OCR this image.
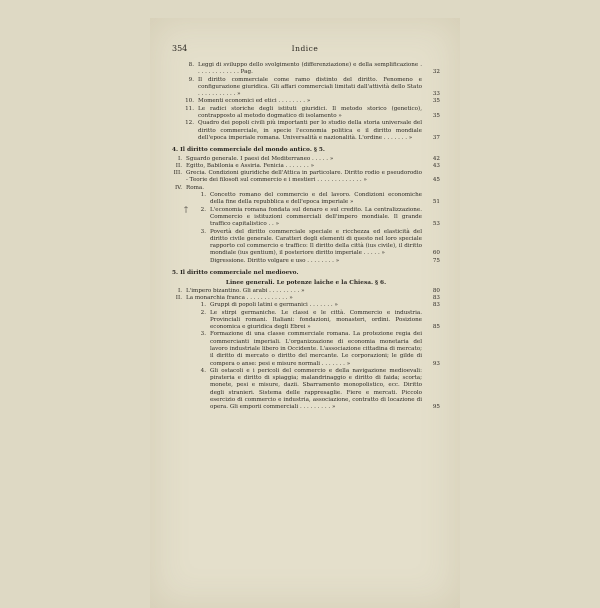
354	Indice
8. Leggi di sviluppo dello svolgimento (differenziazione) e della semplificazione . . . . . . . . . . . . . Pag.	32
9. Il diritto commerciale come ramo distinto del diritto. Fenomeno e configurazione giuridica. Gli affari commerciali limitati dall'attività dello Stato . . . . . . . . . . . »	33
10. Momenti economici ed etici . . . . . . . . »	35
11. Le radici storiche degli istituti giuridici. Il metodo storico (genetico), contrapposto al metodo dogmatico di isolamento »	35
12. Quadro dei popoli civili più importanti per lo studio della storia universale del diritto commerciale, in specie l'economia politica e il diritto mondiale dell'epoca imperiale romana. Universalità e nazionalità. L'ordine . . . . . . . »	37
4. Il diritto commerciale del mondo antico. § 5.
I. Sguardo generale. I paesi del Mediterraneo . . . . . »	42
II. Egitto, Babilonia e Assiria. Fenicia . . . . . . . »	43
III. Grecia. Condizioni giuridiche dell'Attica in particolare. Diritto rodio e pseudorodio - Teorie dei filosofi sul commercio e i mestieri . . . . . . . . . . . . . »	45
IV. Roma.
1. Concetto romano del commercio e del lavoro. Condizioni economiche della fine della repubblica e dell'epoca imperiale »	51
2. L'economia romana fondata sul denaro e sul credito. La centralizzazione. Commercio e istituzioni commerciali dell'impero mondiale. Il grande traffico capitalistico . . »	53
†
3. Povertà del diritto commerciale speciale e ricchezza ed elasticità del diritto civile generale. Caratteri degli elementi di questo nel loro speciale rapporto col commercio e traffico: Il diritto della città (ius civile), il diritto mondiale (ius gentium), il posteriore diritto imperiale . . . . . »	60
Digressione. Diritto volgare e uso . . . . . . . . »	75
5. Il diritto commerciale nel medioevo.
Linee generali. Le potenze laiche e la Chiesa. § 6.
I. L'impero bizantino. Gli arabi . . . . . . . . . »	80
II. La monarchia franca . . . . . . . . . . . . »	83
1. Gruppi di popoli latini e germanici . . . . . . . »	83
2. Le stirpi germaniche. Le classi e le città. Commercio e industria. Provinciali romani. Italiani: fondazioni, monasteri, ordini. Posizione economica e giuridica degli Ebrei »	85
3. Formazione di una classe commerciale romana. La protezione regia dei commercianti imperiali. L'organizzazione di economia monetaria del lavoro industriale libero in Occidente. L'associazione cittadina di mercato; il diritto di mercato o diritto del mercante. Le corporazioni; le gilde di compera o anse: pesi e misure normali . . . . . . . »	93
4. Gli ostacoli e i pericoli del commercio e della navigazione medioevali: pirateria e diritto di spiaggia; malandrinaggio e diritto di faida; scorta; monete, pesi e misure, dazii. Sbarramento monopolistico, ecc. Diritto degli stranieri. Sistema delle rappresaglie. Fiere e mercati. Piccolo esercizio di commercio e industria, associazione, contratto di locazione di opera. Gli emporii commerciali . . . . . . . . . »	95
